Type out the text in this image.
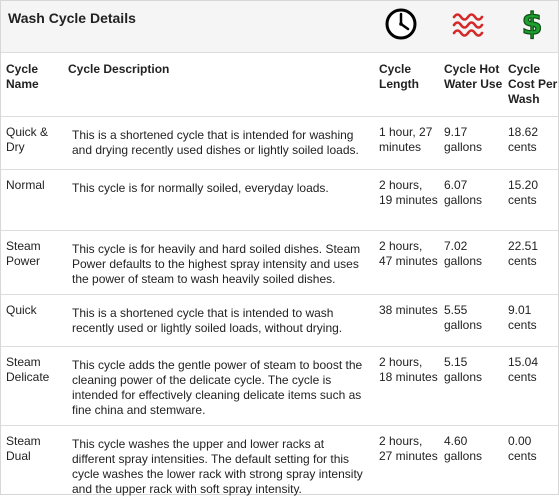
Wash Cycle Details	$
Cycle Name	Cycle Description	Cycle Length	Cycle Hot Water Use	Cycle Cost Per Wash
Quick & Dry	This is a shortened cycle that is intended for washing and drying recently used dishes or lightly soiled loads.	1 hour, 27 minutes	9.17 gallons	18.62 cents
Normal	This cycle is for normally soiled, everyday loads.	2 hours, 19 minutes	6.07 gallons	15.20 cents
Steam Power	This cycle is for heavily and hard soiled dishes. Steam Power defaults to the highest spray intensity and uses the power of steam to wash heavily soiled dishes.	2 hours, 47 minutes	7.02 gallons	22.51 cents
Quick	This is a shortened cycle that is intended to wash recently used or lightly soiled loads, without drying.	38 minutes	5.55 gallons	9.01 cents
Steam Delicate	This cycle adds the gentle power of steam to boost the cleaning power of the delicate cycle. The cycle is intended for effectively cleaning delicate items such as fine china and stemware.	2 hours, 18 minutes	5.15 gallons	15.04 cents
Steam Dual	This cycle washes the upper and lower racks at different spray intensities. The default setting for this cycle washes the lower rack with strong spray intensity and the upper rack with soft spray intensity.	2 hours, 27 minutes	4.60 gallons	0.00 cents
